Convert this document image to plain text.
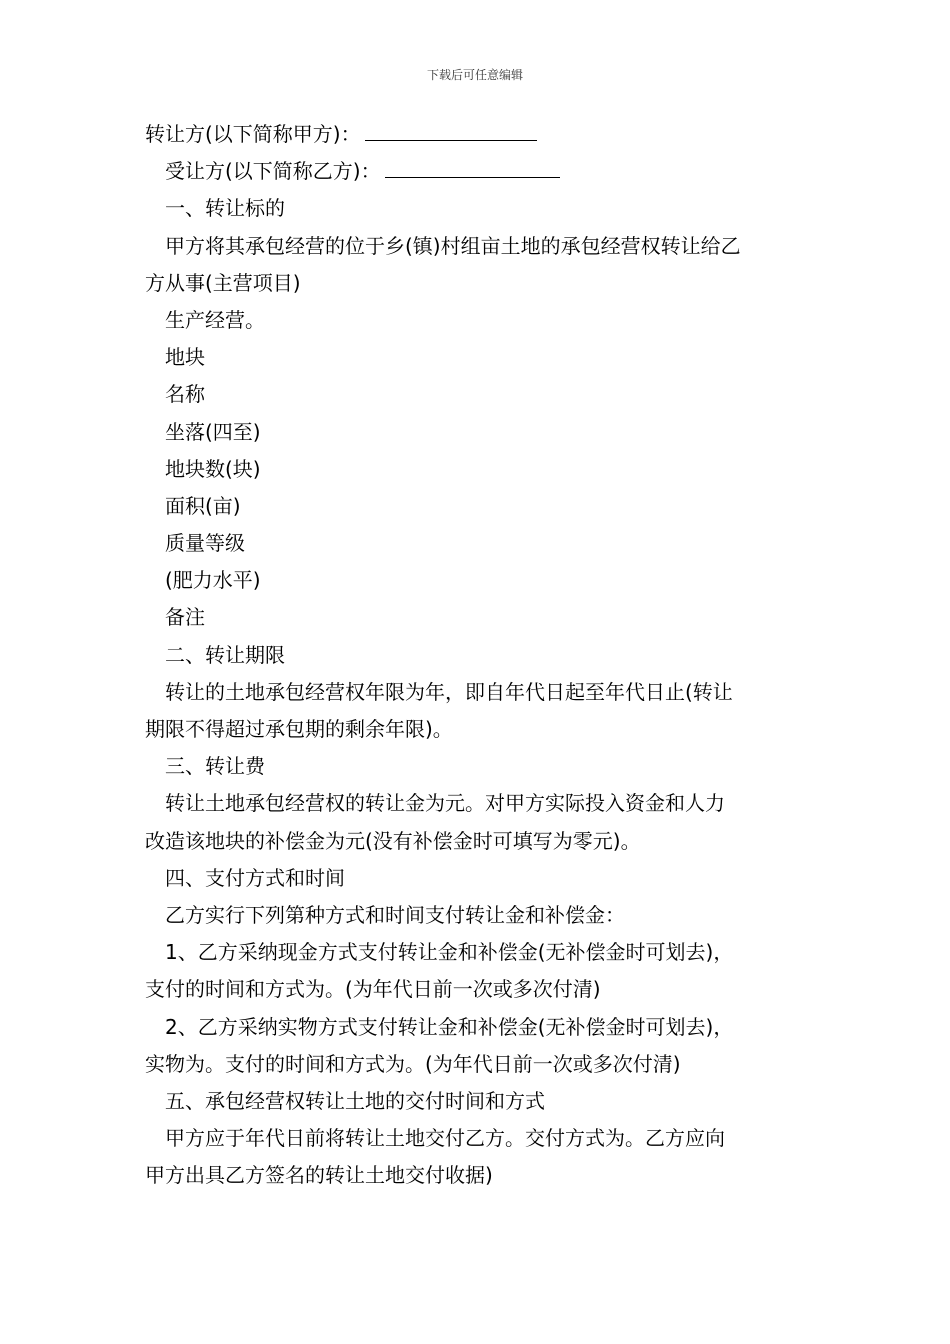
下载后可任意编辑
转让方(以下简称甲方)：
受让方(以下简称乙方)：
一、转让标的
甲方将其承包经营的位于乡(镇)村组亩土地的承包经营权转让给乙
方从事(主营项目)
生产经营。
地块
名称
坐落(四至)
地块数(块)
面积(亩)
质量等级
(肥力水平)
备注
二、转让期限
转让的土地承包经营权年限为年，即自年代日起至年代日止(转让
期限不得超过承包期的剩余年限)。
三、转让费
转让土地承包经营权的转让金为元。对甲方实际投入资金和人力
改造该地块的补偿金为元(没有补偿金时可填写为零元)。
四、支付方式和时间
乙方实行下列第种方式和时间支付转让金和补偿金：
1、乙方采纳现金方式支付转让金和补偿金(无补偿金时可划去)，
支付的时间和方式为。(为年代日前一次或多次付清)
2、乙方采纳实物方式支付转让金和补偿金(无补偿金时可划去)，
实物为。支付的时间和方式为。(为年代日前一次或多次付清)
五、承包经营权转让土地的交付时间和方式
甲方应于年代日前将转让土地交付乙方。交付方式为。乙方应向
甲方出具乙方签名的转让土地交付收据)
